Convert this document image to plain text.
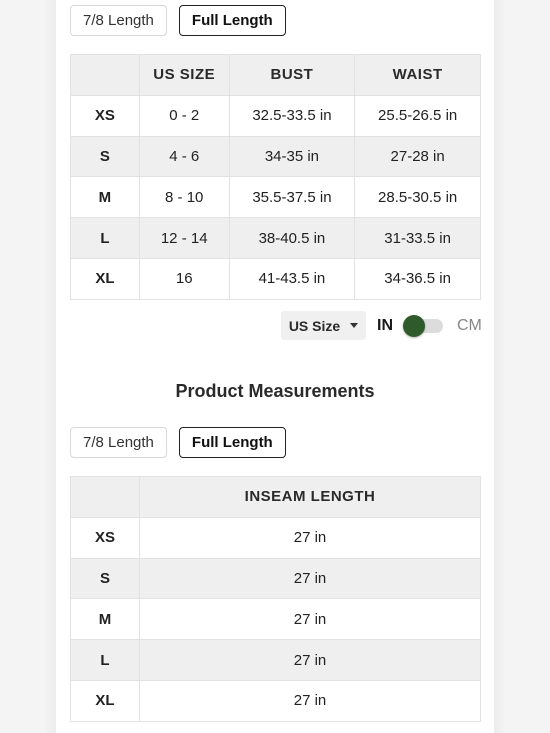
7/8 Length	Full Length
	US SIZE	BUST	WAIST
XS	0 - 2	32.5-33.5 in	25.5-26.5 in
S	4 - 6	34-35 in	27-28 in
M	8 - 10	35.5-37.5 in	28.5-30.5 in
L	12 - 14	38-40.5 in	31-33.5 in
XL	16	41-43.5 in	34-36.5 in
US Size IN	CM
Product Measurements
7/8 Length	Full Length
	INSEAM LENGTH
XS	27 in
S	27 in
M	27 in
L	27 in
XL	27 in
